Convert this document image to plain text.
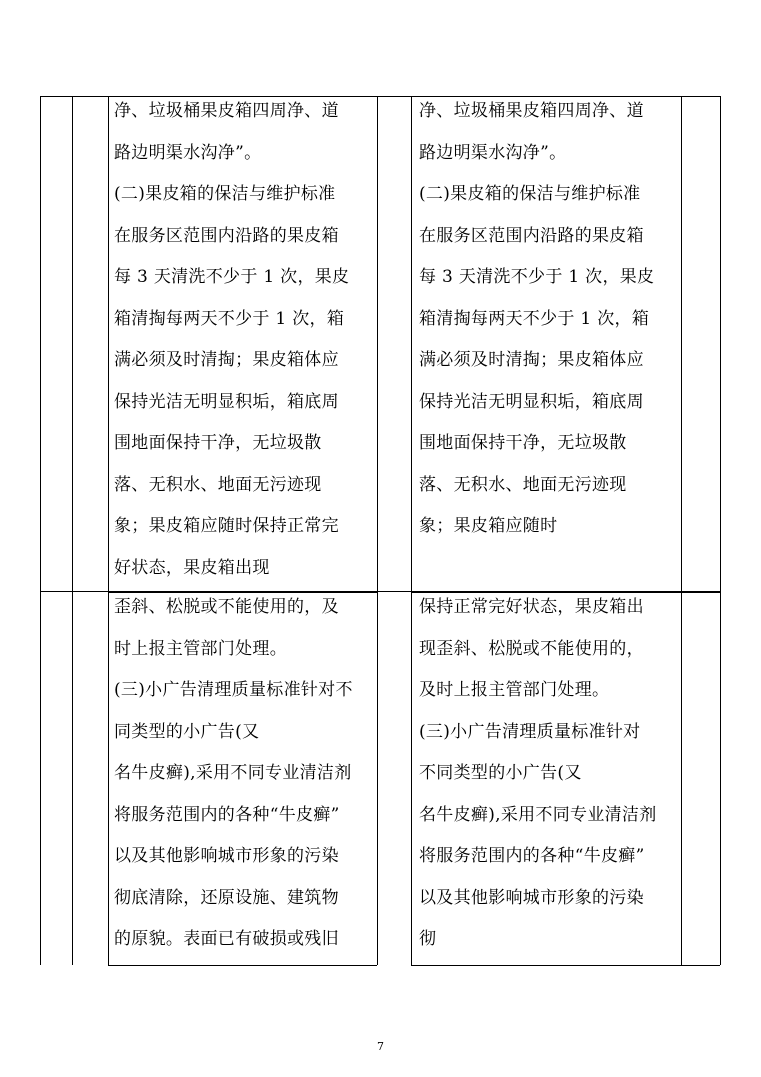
净、垃圾桶果皮箱四周净、道
路边明渠水沟净”。
(二)果皮箱的保洁与维护标准
在服务区范围内沿路的果皮箱
每 3 天清洗不少于 1 次，果皮
箱清掏每两天不少于 1 次，箱
满必须及时清掏；果皮箱体应
保持光洁无明显积垢，箱底周
围地面保持干净，无垃圾散
落、无积水、地面无污迹现
象；果皮箱应随时保持正常完
好状态，果皮箱出现
净、垃圾桶果皮箱四周净、道
路边明渠水沟净”。
(二)果皮箱的保洁与维护标准
在服务区范围内沿路的果皮箱
每 3 天清洗不少于 1 次，果皮
箱清掏每两天不少于 1 次，箱
满必须及时清掏；果皮箱体应
保持光洁无明显积垢，箱底周
围地面保持干净，无垃圾散
落、无积水、地面无污迹现
象；果皮箱应随时
歪斜、松脱或不能使用的，及
时上报主管部门处理。
(三)小广告清理质量标准针对不
同类型的小广告(又
名牛皮癣),采用不同专业清洁剂
将服务范围内的各种“牛皮癣”
以及其他影响城市形象的污染
彻底清除，还原设施、建筑物
的原貌。表面已有破损或残旧
保持正常完好状态，果皮箱出
现歪斜、松脱或不能使用的，
及时上报主管部门处理。
(三)小广告清理质量标准针对
不同类型的小广告(又
名牛皮癣),采用不同专业清洁剂
将服务范围内的各种“牛皮癣”
以及其他影响城市形象的污染
彻
7
